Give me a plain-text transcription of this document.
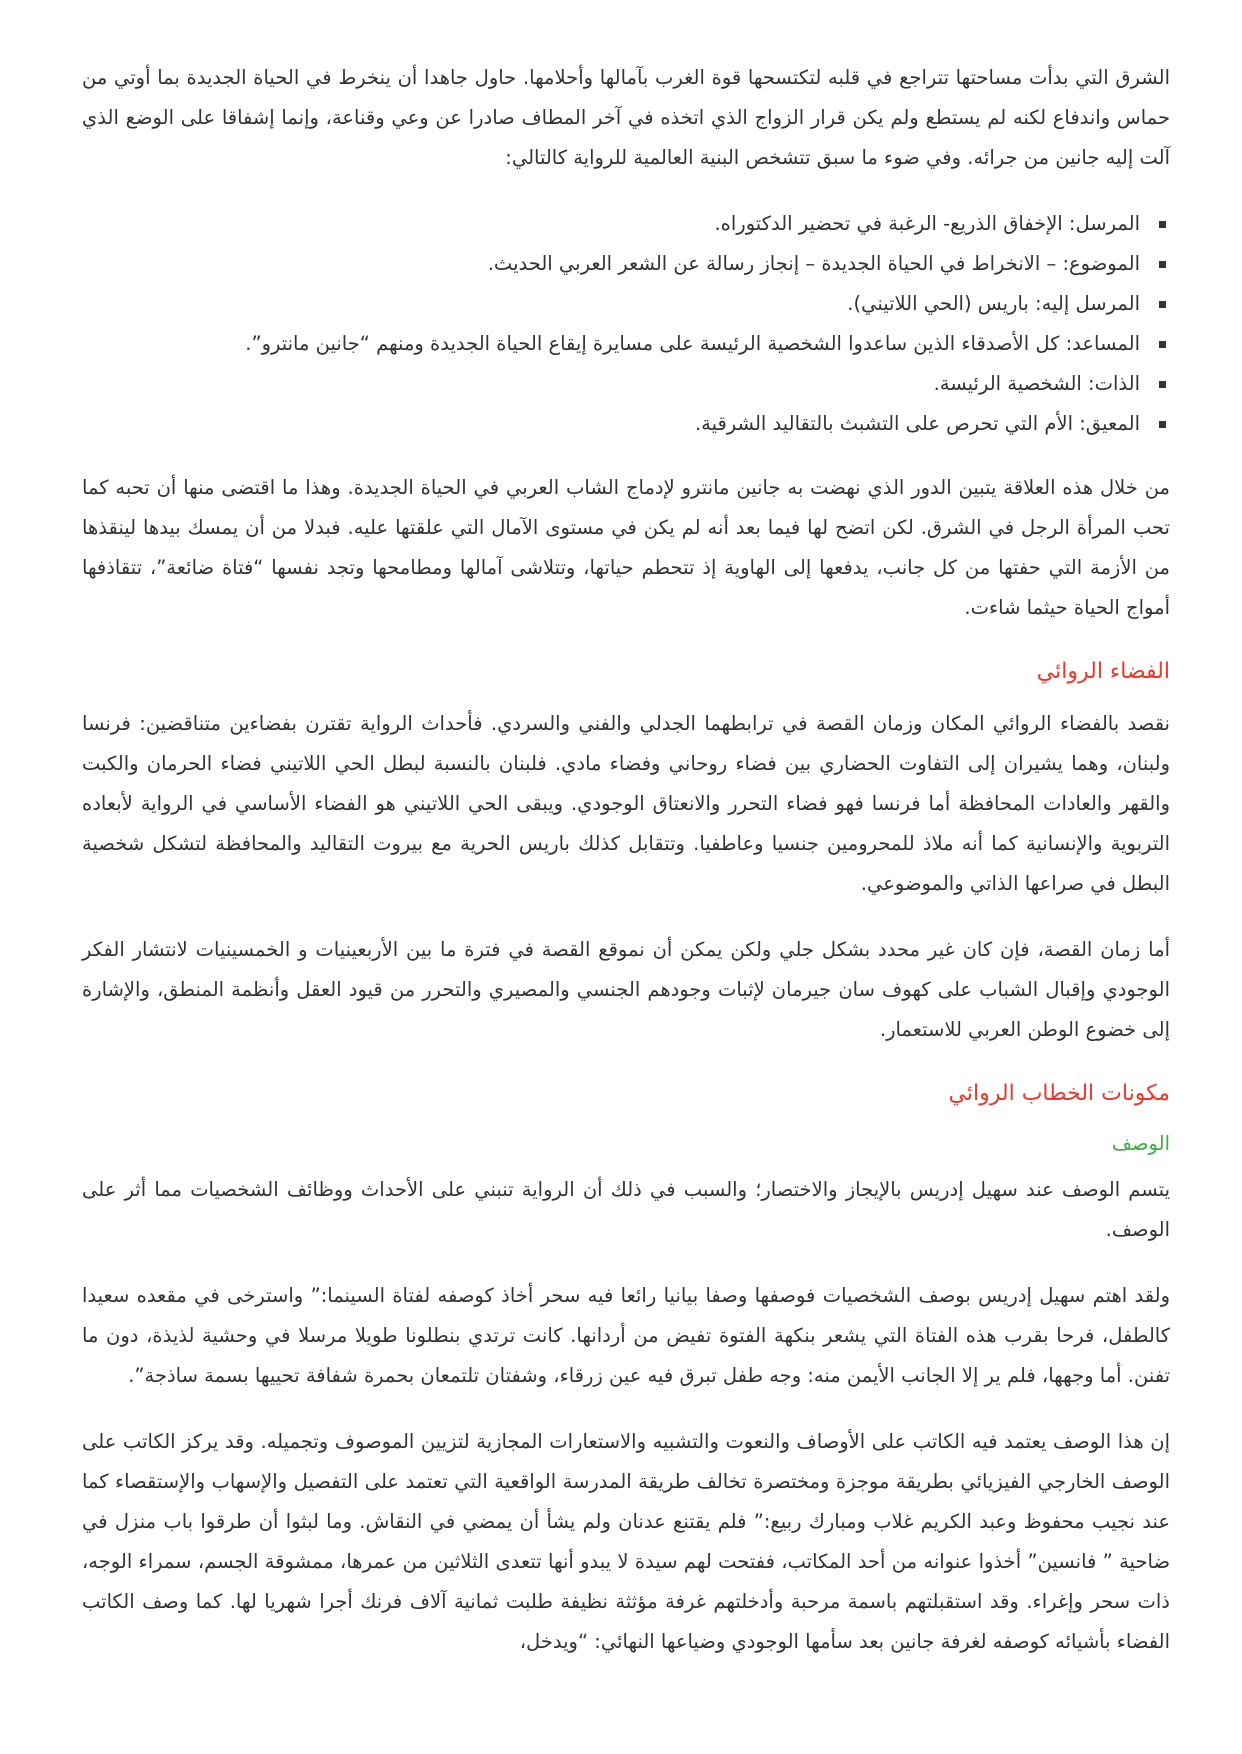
الشرق التي بدأت مساحتها تتراجع في قلبه لتكتسحها قوة الغرب بآمالها وأحلامها. حاول جاهدا أن ينخرط في الحياة الجديدة بما أوتي من حماس واندفاع لكنه لم يستطع ولم يكن قرار الزواج الذي اتخذه في آخر المطاف صادرا عن وعي وقناعة، وإنما إشفاقا على الوضع الذي آلت إليه جانين من جرائه. وفي ضوء ما سبق تتشخص البنية العالمية للرواية كالتالي:

المرسل: الإخفاق الذريع- الرغبة في تحضير الدكتوراه.
الموضوع: – الانخراط في الحياة الجديدة – إنجاز رسالة عن الشعر العربي الحديث.
المرسل إليه: باريس (الحي اللاتيني).
المساعد: كل الأصدقاء الذين ساعدوا الشخصية الرئيسة على مسايرة إيقاع الحياة الجديدة ومنهم “جانين مانترو”.
الذات: الشخصية الرئيسة.
المعيق: الأم التي تحرص على التشبث بالتقاليد الشرقية.

من خلال هذه العلاقة يتبين الدور الذي نهضت به جانين مانترو لإدماج الشاب العربي في الحياة الجديدة. وهذا ما اقتضى منها أن تحبه كما تحب المرأة الرجل في الشرق. لكن اتضح لها فيما بعد أنه لم يكن في مستوى الآمال التي علقتها عليه. فبدلا من أن يمسك بيدها لينقذها من الأزمة التي حفتها من كل جانب، يدفعها إلى الهاوية إذ تتحطم حياتها، وتتلاشى آمالها ومطامحها وتجد نفسها “فتاة ضائعة”، تتقاذفها أمواج الحياة حيثما شاءت.

الفضاء الروائي

نقصد بالفضاء الروائي المكان وزمان القصة في ترابطهما الجدلي والفني والسردي. فأحداث الرواية تقترن بفضاءين متناقضين: فرنسا ولبنان، وهما يشيران إلى التفاوت الحضاري بين فضاء روحاني وفضاء مادي. فلبنان بالنسبة لبطل الحي اللاتيني فضاء الحرمان والكبت والقهر والعادات المحافظة أما فرنسا فهو فضاء التحرر والانعتاق الوجودي. ويبقى الحي اللاتيني هو الفضاء الأساسي في الرواية لأبعاده التربوية والإنسانية كما أنه ملاذ للمحرومين جنسيا وعاطفيا. وتتقابل كذلك باريس الحرية مع بيروت التقاليد والمحافظة لتشكل شخصية البطل في صراعها الذاتي والموضوعي.

أما زمان القصة، فإن كان غير محدد بشكل جلي ولكن يمكن أن نموقع القصة في فترة ما بين الأربعينيات و الخمسينيات لانتشار الفكر الوجودي وإقبال الشباب على كهوف سان جيرمان لإثبات وجودهم الجنسي والمصيري والتحرر من قيود العقل وأنظمة المنطق، والإشارة إلى خضوع الوطن العربي للاستعمار.

مكونات الخطاب الروائي
الوصف

يتسم الوصف عند سهيل إدريس بالإيجاز والاختصار؛ والسبب في ذلك أن الرواية تنبني على الأحداث ووظائف الشخصيات مما أثر على الوصف.

ولقد اهتم سهيل إدريس بوصف الشخصيات فوصفها وصفا بيانيا رائعا فيه سحر أخاذ كوصفه لفتاة السينما:” واسترخى في مقعده سعيدا كالطفل، فرحا بقرب هذه الفتاة التي يشعر بنكهة الفتوة تفيض من أردانها. كانت ترتدي بنطلونا طويلا مرسلا في وحشية لذيذة، دون ما تفنن. أما وجهها، فلم ير إلا الجانب الأيمن منه: وجه طفل تبرق فيه عين زرقاء، وشفتان تلتمعان بحمرة شفافة تحييها بسمة ساذجة”.

إن هذا الوصف يعتمد فيه الكاتب على الأوصاف والنعوت والتشبيه والاستعارات المجازية لتزيين الموصوف وتجميله. وقد يركز الكاتب على الوصف الخارجي الفيزيائي بطريقة موجزة ومختصرة تخالف طريقة المدرسة الواقعية التي تعتمد على التفصيل والإسهاب والإستقصاء كما عند نجيب محفوظ وعبد الكريم غلاب ومبارك ربيع:” فلم يقتنع عدنان ولم يشأ أن يمضي في النقاش. وما لبثوا أن طرقوا باب منزل في ضاحية ” فانسين” أخذوا عنوانه من أحد المكاتب، ففتحت لهم سيدة لا يبدو أنها تتعدى الثلاثين من عمرها، ممشوقة الجسم، سمراء الوجه، ذات سحر وإغراء. وقد استقبلتهم باسمة مرحبة وأدخلتهم غرفة مؤثثة نظيفة طلبت ثمانية آلاف فرنك أجرا شهريا لها. كما وصف الكاتب الفضاء بأشيائه كوصفه لغرفة جانين بعد سأمها الوجودي وضياعها النهائي: “ويدخل،
